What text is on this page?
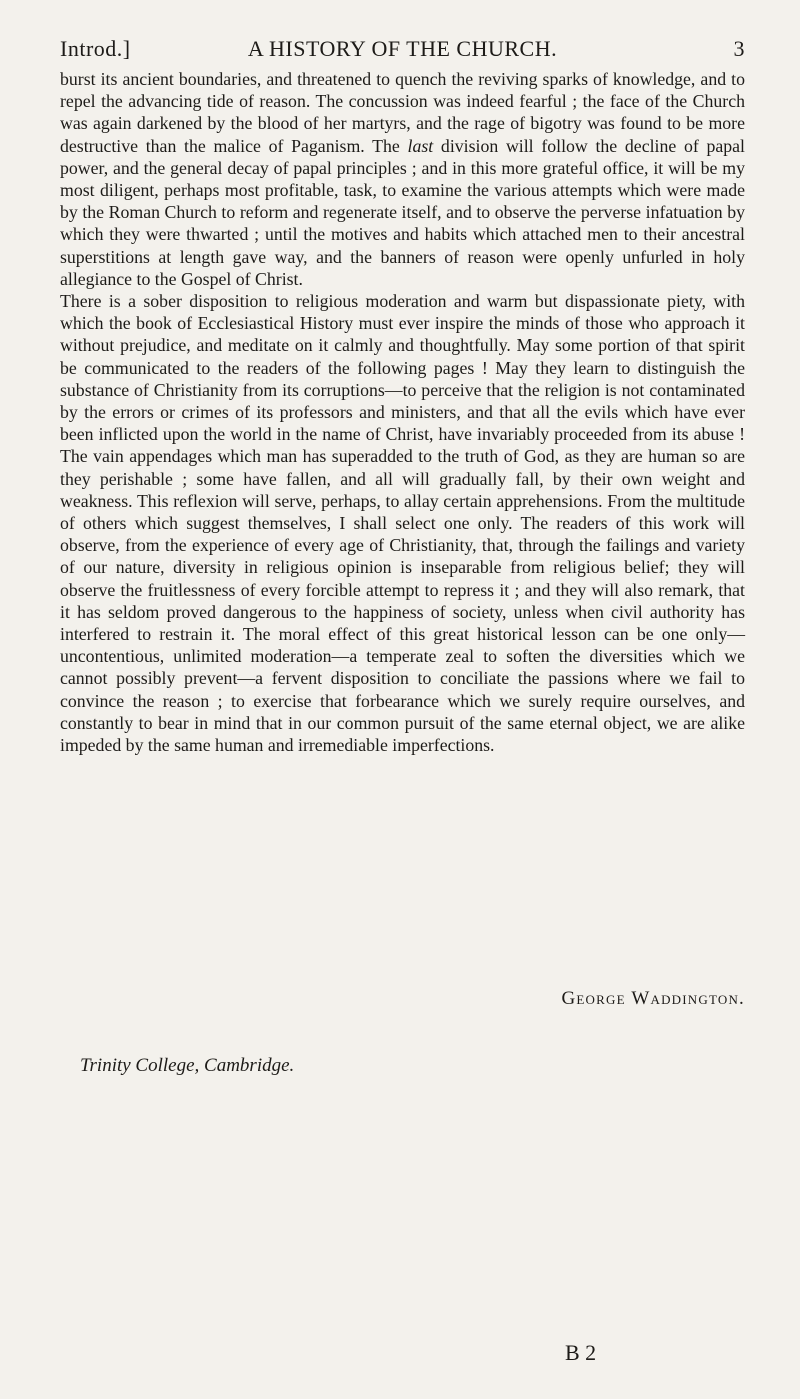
Introd.]	A HISTORY OF THE CHURCH.	3

burst its ancient boundaries, and threatened to quench the reviving sparks of knowledge, and to repel the advancing tide of reason. The concussion was indeed fearful ; the face of the Church was again darkened by the blood of her martyrs, and the rage of bigotry was found to be more destructive than the malice of Paganism. The last division will follow the decline of papal power, and the general decay of papal principles ; and in this more grateful office, it will be my most diligent, perhaps most profitable, task, to examine the various attempts which were made by the Roman Church to reform and regenerate itself, and to observe the perverse infatuation by which they were thwarted ; until the motives and habits which attached men to their ancestral superstitions at length gave way, and the banners of reason were openly unfurled in holy allegiance to the Gospel of Christ.

There is a sober disposition to religious moderation and warm but dispassionate piety, with which the book of Ecclesiastical History must ever inspire the minds of those who approach it without prejudice, and meditate on it calmly and thoughtfully. May some portion of that spirit be communicated to the readers of the following pages ! May they learn to distinguish the substance of Christianity from its corruptions—to perceive that the religion is not contaminated by the errors or crimes of its professors and ministers, and that all the evils which have ever been inflicted upon the world in the name of Christ, have invariably proceeded from its abuse ! The vain appendages which man has superadded to the truth of God, as they are human so are they perishable ; some have fallen, and all will gradually fall, by their own weight and weakness. This reflexion will serve, perhaps, to allay certain apprehensions. From the multitude of others which suggest themselves, I shall select one only. The readers of this work will observe, from the experience of every age of Christianity, that, through the failings and variety of our nature, diversity in religious opinion is inseparable from religious belief; they will observe the fruitlessness of every forcible attempt to repress it ; and they will also remark, that it has seldom proved dangerous to the happiness of society, unless when civil authority has interfered to restrain it. The moral effect of this great historical lesson can be one only—uncontentious, unlimited moderation—a temperate zeal to soften the diversities which we cannot possibly prevent—a fervent disposition to conciliate the passions where we fail to convince the reason ; to exercise that forbearance which we surely require ourselves, and constantly to bear in mind that in our common pursuit of the same eternal object, we are alike impeded by the same human and irremediable imperfections.

George Waddington.
Trinity College, Cambridge.
B 2
